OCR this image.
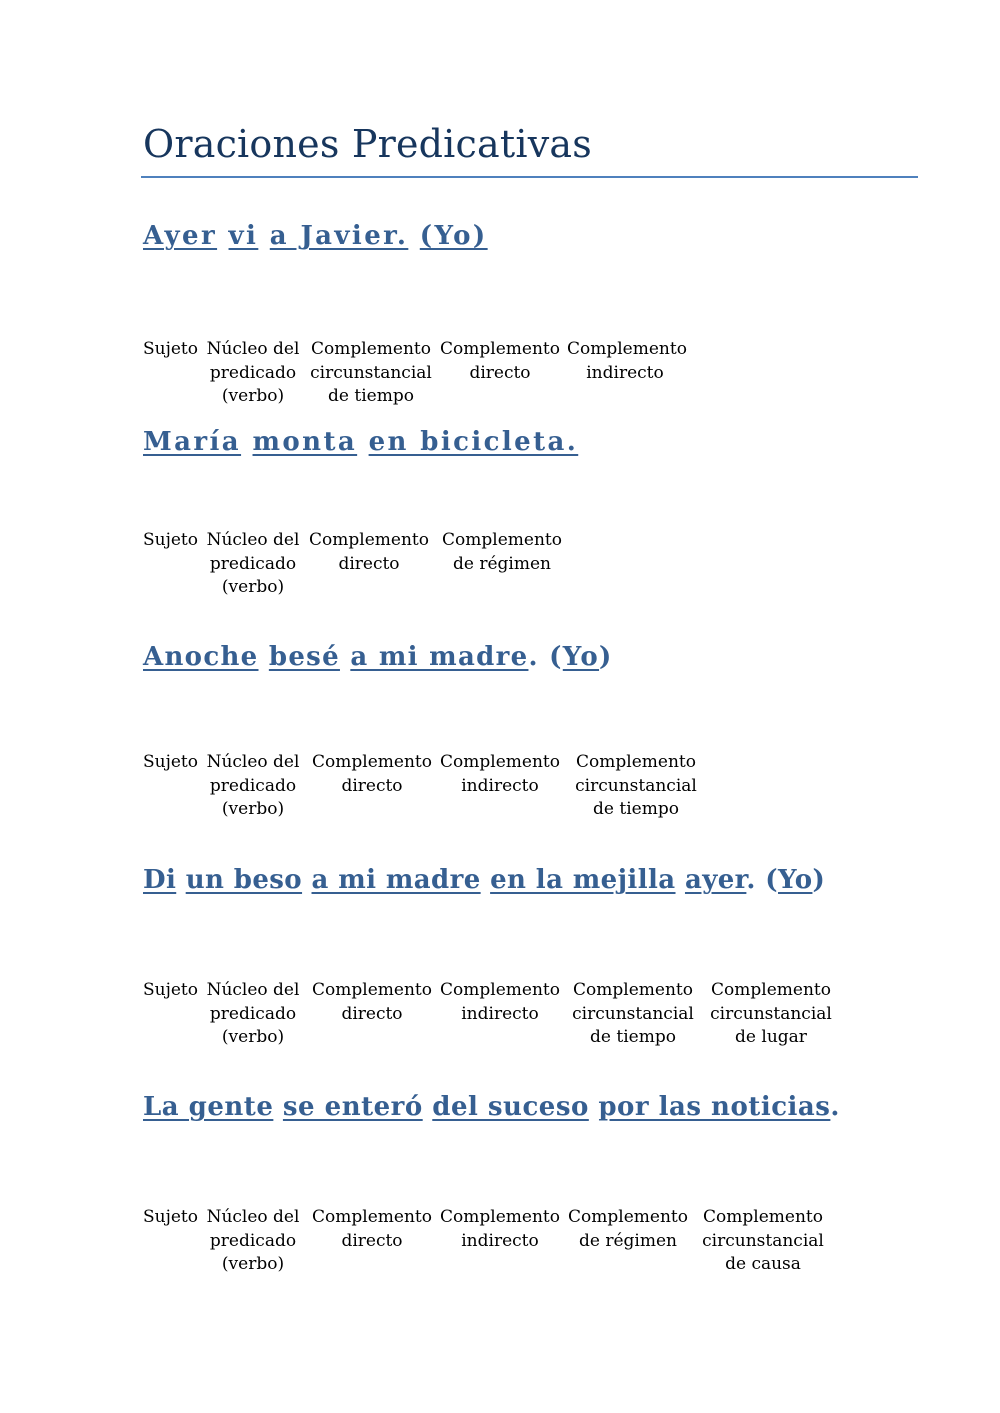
Oraciones Predicativas

Ayer vi a Javier. (Yo)

Sujeto Núcleo del
predicado
(verbo)
Complemento
circunstancial
de tiempo
Complemento
directo
Complemento
indirecto

María monta en bicicleta.

Sujeto Núcleo del
predicado
(verbo)
Complemento
directo
Complemento
de régimen

Anoche besé a mi madre. (Yo)

Sujeto Núcleo del
predicado
(verbo)
Complemento
directo
Complemento
indirecto
Complemento
circunstancial
de tiempo

Di un beso a mi madre en la mejilla ayer. (Yo)

Sujeto Núcleo del
predicado
(verbo)
Complemento
directo
Complemento
indirecto
Complemento
circunstancial
de tiempo
Complemento
circunstancial
de lugar

La gente se enteró del suceso por las noticias.

Sujeto Núcleo del
predicado
(verbo)
Complemento
directo
Complemento
indirecto
Complemento
de régimen
Complemento
circunstancial
de causa
